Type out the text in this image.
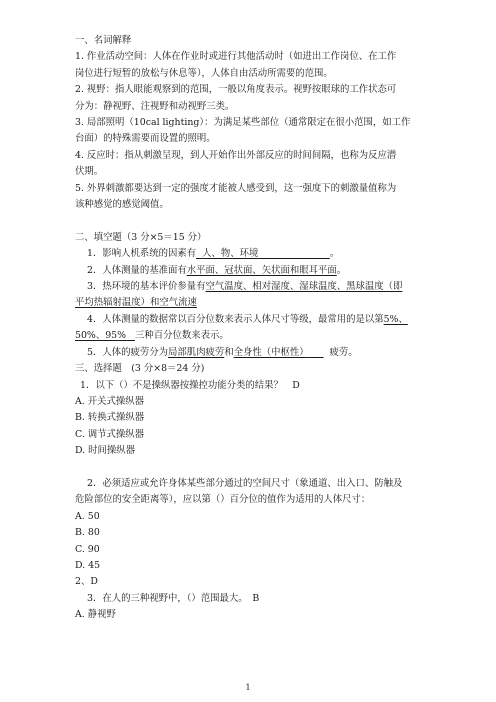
一、名词解释
1. 作业活动空间：人体在作业时或进行其他活动时（如进出工作岗位、在工作
岗位进行短暂的放松与休息等），人体自由活动所需要的范围。
2. 视野：指人眼能观察到的范围，一般以角度表示。视野按眼球的工作状态可
分为：静视野、注视野和动视野三类。
3. 局部照明（10cal lighting）：为满足某些部位（通常限定在很小范围，如工作
台面）的特殊需要而设置的照明。
4. 反应时：指从刺激呈现，到人开始作出外部反应的时间间隔，也称为反应潜
伏期。
5. 外界刺激都要达到一定的强度才能被人感受到，这一强度下的刺激量值称为
该种感觉的感觉阈值。
二、填空题（3 分×5＝15 分）
1．影响人机系统的因素有 人、物、环境	。
2．人体测量的基准面有水平面、冠状面、矢状面和眼耳平面。
3．热环境的基本评价参量有空气温度、相对湿度、湿球温度、黑球温度（即
平均热辐射温度）和空气流速
4．人体测量的数据常以百分位数来表示人体尺寸等级，最常用的是以第5%、
50%、95% 三种百分位数来表示。
5．人体的疲劳分为局部肌肉疲劳和全身性（中枢性） 疲劳。
三、选择题　(3 分×8＝24 分)
1．以下（）不是操纵器按操控功能分类的结果？　D
A. 开关式操纵器
B. 转换式操纵器
C. 调节式操纵器
D. 时间操纵器
2．必须适应或允许身体某些部分通过的空间尺寸（象通道、出入口、防触及
危险部位的安全距离等），应以第（）百分位的值作为适用的人体尺寸：
A. 50
B. 80
C. 90
D. 45
2、D
3．在人的三种视野中，（）范围最大。　B
A. 静视野
1
